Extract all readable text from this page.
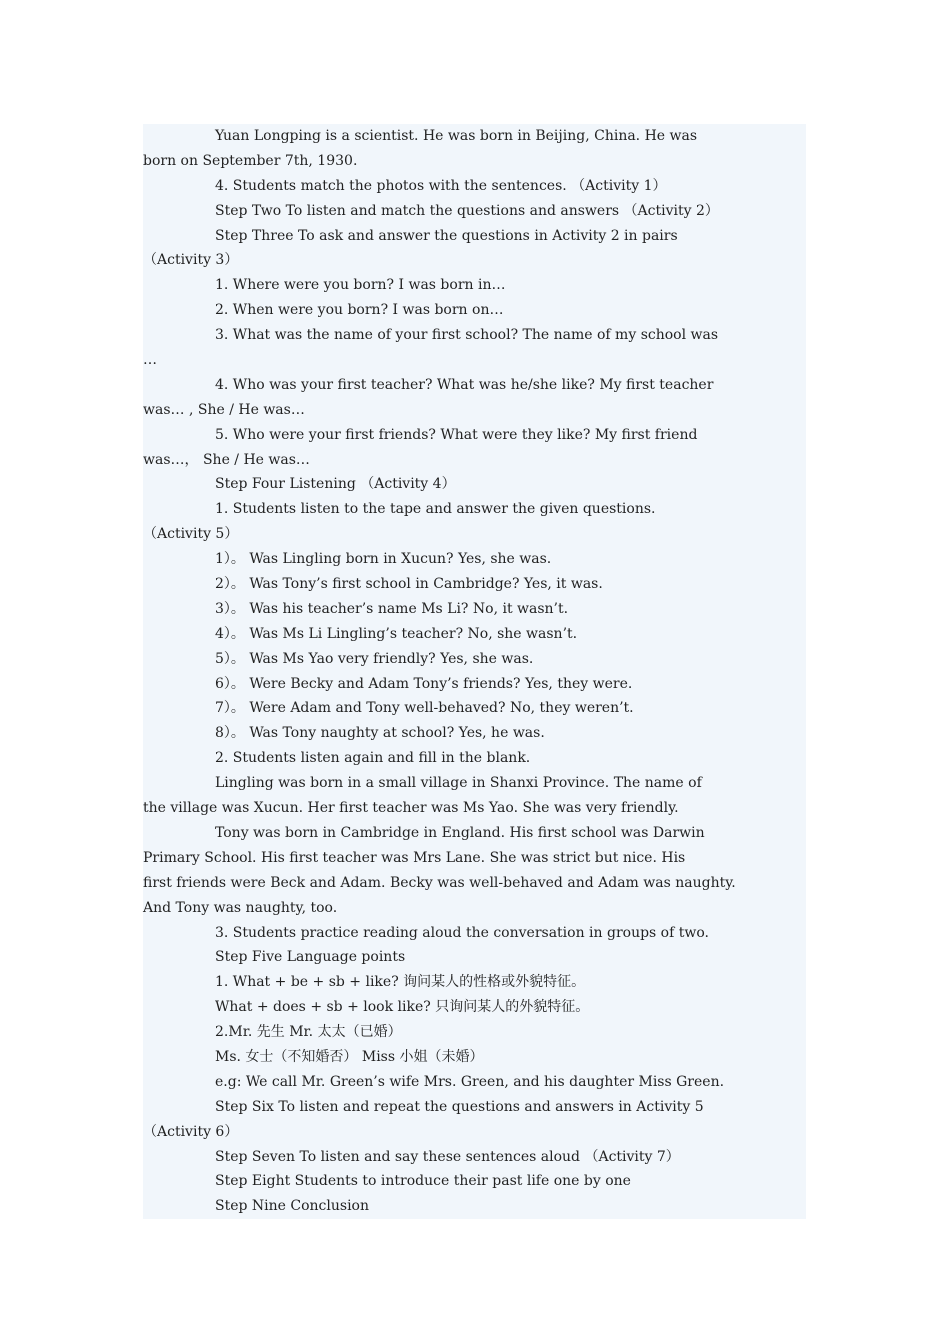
Yuan Longping is a scientist. He was born in Beijing, China. He was
born on September 7th, 1930.
4. Students match the photos with the sentences. （Activity 1）
Step Two To listen and match the questions and answers （Activity 2）
Step Three To ask and answer the questions in Activity 2 in pairs
（Activity 3）
1. Where were you born? I was born in…
2. When were you born? I was born on…
3. What was the name of your first school? The name of my school was
…
4. Who was your first teacher? What was he/she like? My first teacher
was… , She / He was…
5. Who were your first friends? What were they like? My first friend
was…， She / He was…
Step Four Listening （Activity 4）
1. Students listen to the tape and answer the given questions.
（Activity 5）
1）。 Was Lingling born in Xucun? Yes, she was.
2）。 Was Tony’s first school in Cambridge? Yes, it was.
3）。 Was his teacher’s name Ms Li? No, it wasn’t.
4）。 Was Ms Li Lingling’s teacher? No, she wasn’t.
5）。 Was Ms Yao very friendly? Yes, she was.
6）。 Were Becky and Adam Tony’s friends? Yes, they were.
7）。 Were Adam and Tony well-behaved? No, they weren’t.
8）。 Was Tony naughty at school? Yes, he was.
2. Students listen again and fill in the blank.
Lingling was born in a small village in Shanxi Province. The name of
the village was Xucun. Her first teacher was Ms Yao. She was very friendly.
Tony was born in Cambridge in England. His first school was Darwin
Primary School. His first teacher was Mrs Lane. She was strict but nice. His
first friends were Beck and Adam. Becky was well-behaved and Adam was naughty.
And Tony was naughty, too.
3. Students practice reading aloud the conversation in groups of two.
Step Five Language points
1. What + be + sb + like? 询问某人的性格或外貌特征。
What + does + sb + look like? 只询问某人的外貌特征。
2.Mr. 先生 Mr. 太太（已婚）
Ms. 女士（不知婚否） Miss 小姐（未婚）
e.g: We call Mr. Green’s wife Mrs. Green, and his daughter Miss Green.
Step Six To listen and repeat the questions and answers in Activity 5
（Activity 6）
Step Seven To listen and say these sentences aloud （Activity 7）
Step Eight Students to introduce their past life one by one
Step Nine Conclusion
